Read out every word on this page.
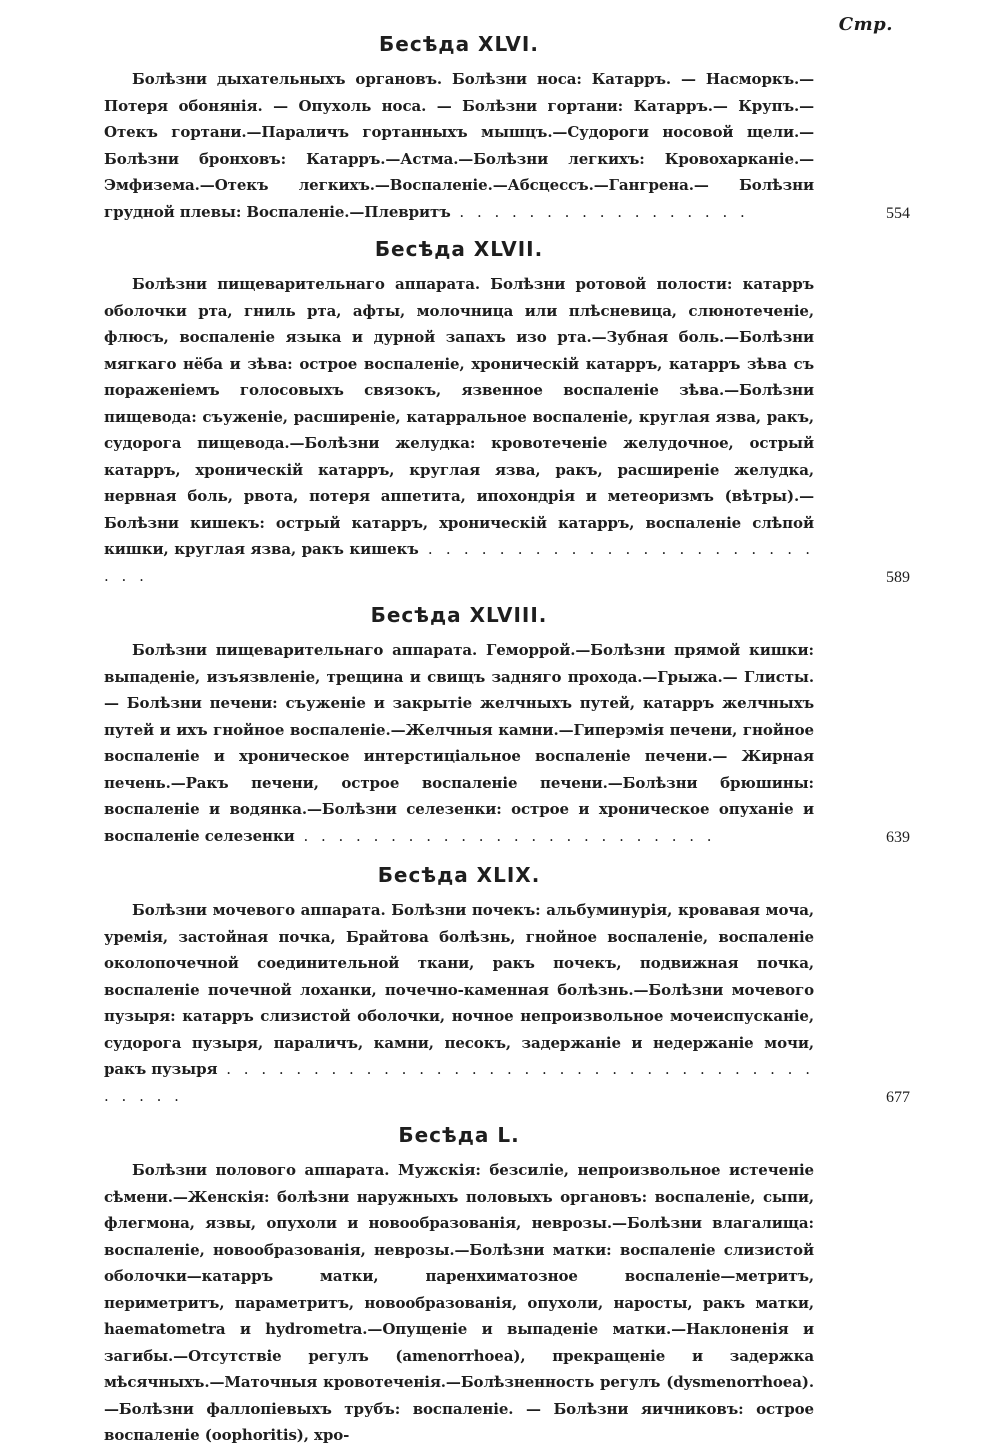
Стр.
Бесѣда XLVI.

Болѣзни дыхательныхъ органовъ. Болѣзни носа: Катарръ. — Насморкъ.— Потеря обонянія. — Опухоль носа. — Болѣзни гортани: Катарръ.— Крупъ.—Отекъ гортани.—Параличъ гортанныхъ мышцъ.—Судороги носовой щели.—Болѣзни бронховъ: Катарръ.—Астма.—Болѣзни легкихъ: Кровохарканіе.—Эмфизема.—Отекъ легкихъ.—Воспаленіе.—Абсцессъ.—Гангрена.— Болѣзни грудной плевы: Воспаленіе.—Плевритъ . . . . . . . . . . . . . . . . .	554
Бесѣда XLVII.

Болѣзни пищеварительнаго аппарата. Болѣзни ротовой полости: катарръ оболочки рта, гниль рта, афты, молочница или плѣсневица, слюнотеченіе, флюсъ, воспаленіе языка и дурной запахъ изо рта.—Зубная боль.—Болѣзни мягкаго нёба и зѣва: острое воспаленіе, хроническій катарръ, катарръ зѣва съ пораженіемъ голосовыхъ связокъ, язвенное воспаленіе зѣва.—Болѣзни пищевода: съуженіе, расширеніе, катарральное воспаленіе, круглая язва, ракъ, судорога пищевода.—Болѣзни желудка: кровотеченіе желудочное, острый катарръ, хроническій катарръ, круглая язва, ракъ, расширеніе желудка, нервная боль, рвота, потеря аппетита, ипохондрія и метеоризмъ (вѣтры).— Болѣзни кишекъ: острый катарръ, хроническій катарръ, воспаленіе слѣпой кишки, круглая язва, ракъ кишекъ . . . . . . . . . . . . . . . . . . . . . . . . .	589
Бесѣда XLVIII.

Болѣзни пищеварительнаго аппарата. Геморрой.—Болѣзни прямой кишки: выпаденіе, изъязвленіе, трещина и свищъ задняго прохода.—Грыжа.— Глисты. — Болѣзни печени: съуженіе и закрытіе желчныхъ путей, катарръ желчныхъ путей и ихъ гнойное воспаленіе.—Желчныя камни.—Гиперэмія печени, гнойное воспаленіе и хроническое интерстиціальное воспаленіе печени.— Жирная печень.—Ракъ печени, острое воспаленіе печени.—Болѣзни брюшины: воспаленіе и водянка.—Болѣзни селезенки: острое и хроническое опуханіе и воспаленіе селезенки . . . . . . . . . . . . . . . . . . . . . . . .	639
Бесѣда XLIX.

Болѣзни мочевого аппарата. Болѣзни почекъ: альбуминурія, кровавая моча, уремія, застойная почка, Брайтова болѣзнь, гнойное воспаленіе, воспаленіе околопочечной соединительной ткани, ракъ почекъ, подвижная почка, воспаленіе почечной лоханки, почечно-каменная болѣзнь.—Болѣзни мочевого пузыря: катарръ слизистой оболочки, ночное непроизвольное мочеиспусканіе, судорога пузыря, параличъ, камни, песокъ, задержаніе и недержаніе мочи, ракъ пузыря . . . . . . . . . . . . . . . . . . . . . . . . . . . . . . . . . . . . . . .	677
Бесѣда L.

Болѣзни полового аппарата. Мужскія: безсиліе, непроизвольное истеченіе сѣмени.—Женскія: болѣзни наружныхъ половыхъ органовъ: воспаленіе, сыпи, флегмона, язвы, опухоли и новообразованія, неврозы.—Болѣзни влагалища: воспаленіе, новообразованія, неврозы.—Болѣзни матки: воспаленіе слизистой оболочки—катарръ матки, паренхиматозное воспаленіе—метритъ, периметритъ, параметритъ, новообразованія, опухоли, наросты, ракъ матки, haematometra и hydrometra.—Опущеніе и выпаденіе матки.—Наклоненія и загибы.—Отсутствіе регулъ (amenorrhoea), прекращеніе и задержка мѣсячныхъ.—Маточныя кровотеченія.—Болѣзненность регулъ (dysmenorrhoea).—Болѣзни фаллопіевыхъ трубъ: воспаленіе. — Болѣзни яичниковъ: острое воспаленіе (oophoritis), хро-
